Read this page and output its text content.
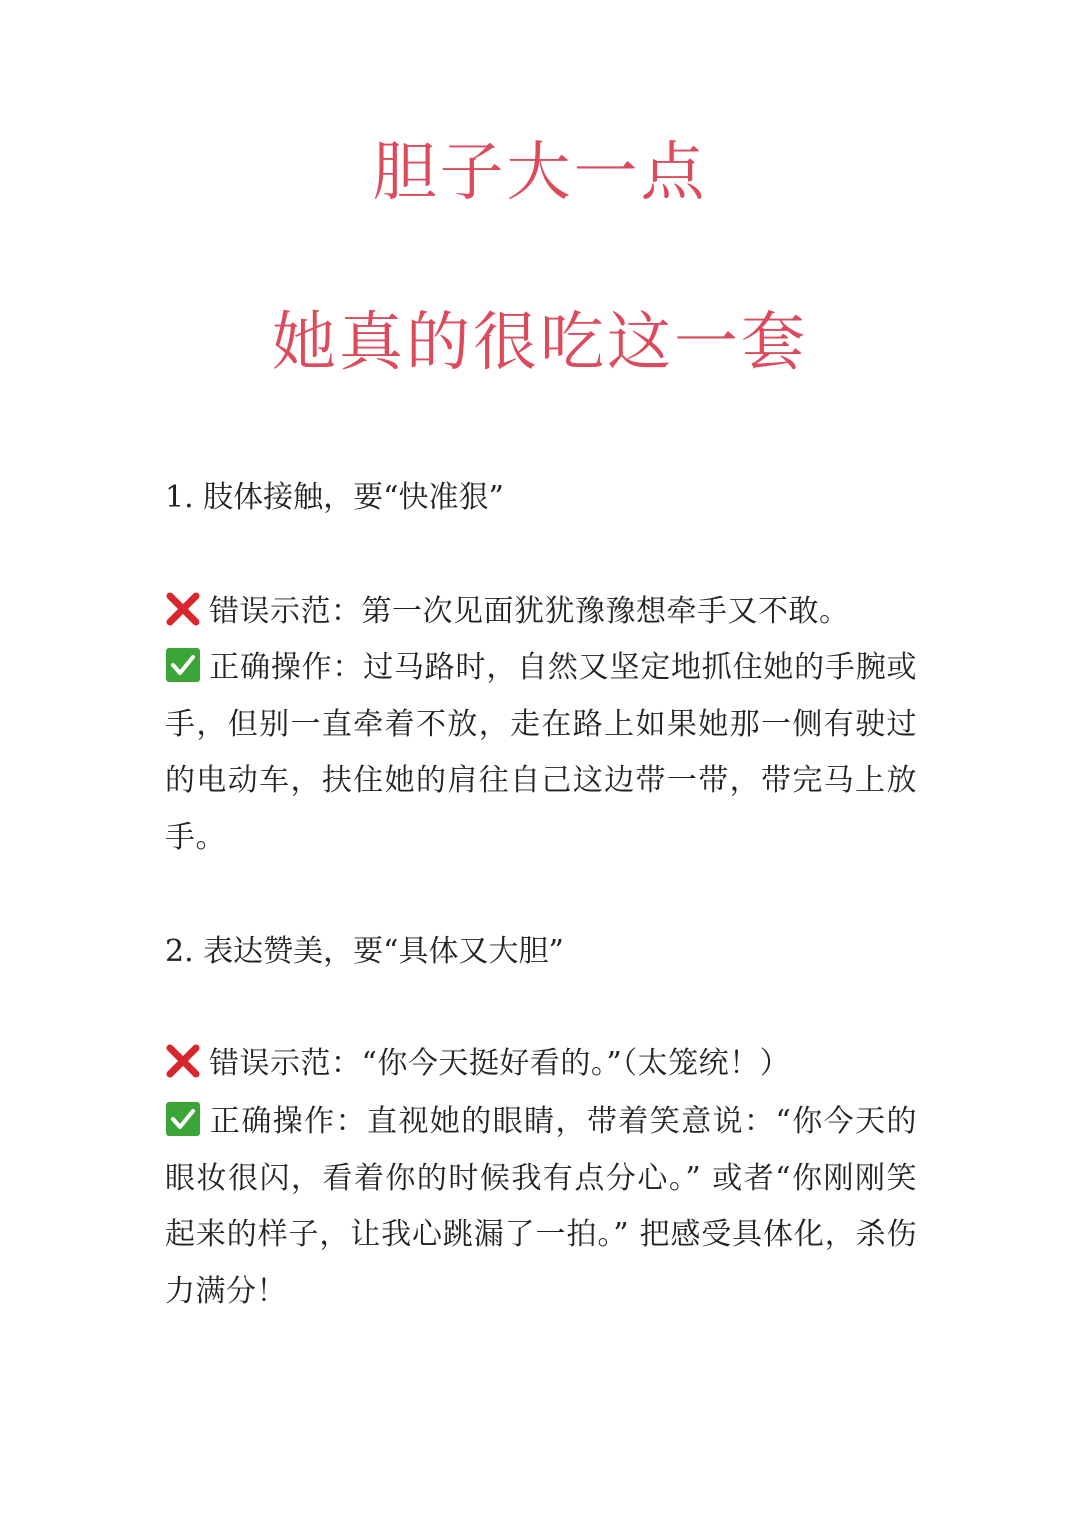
胆子大一点
她真的很吃这一套

1. 肢体接触，要“快准狠”

错误示范：第一次见面犹犹豫豫想牵手又不敢。

正确操作：过马路时，自然又坚定地抓住她的手腕或手，但别一直牵着不放，走在路上如果她那一侧有驶过的电动车，扶住她的肩往自己这边带一带，带完马上放手。

2. 表达赞美，要“具体又大胆”

错误示范：“你今天挺好看的。”（太笼统！）

正确操作：直视她的眼睛，带着笑意说：“你今天的眼妆很闪，看着你的时候我有点分心。” 或者“你刚刚笑起来的样子，让我心跳漏了一拍。” 把感受具体化，杀伤力满分！
